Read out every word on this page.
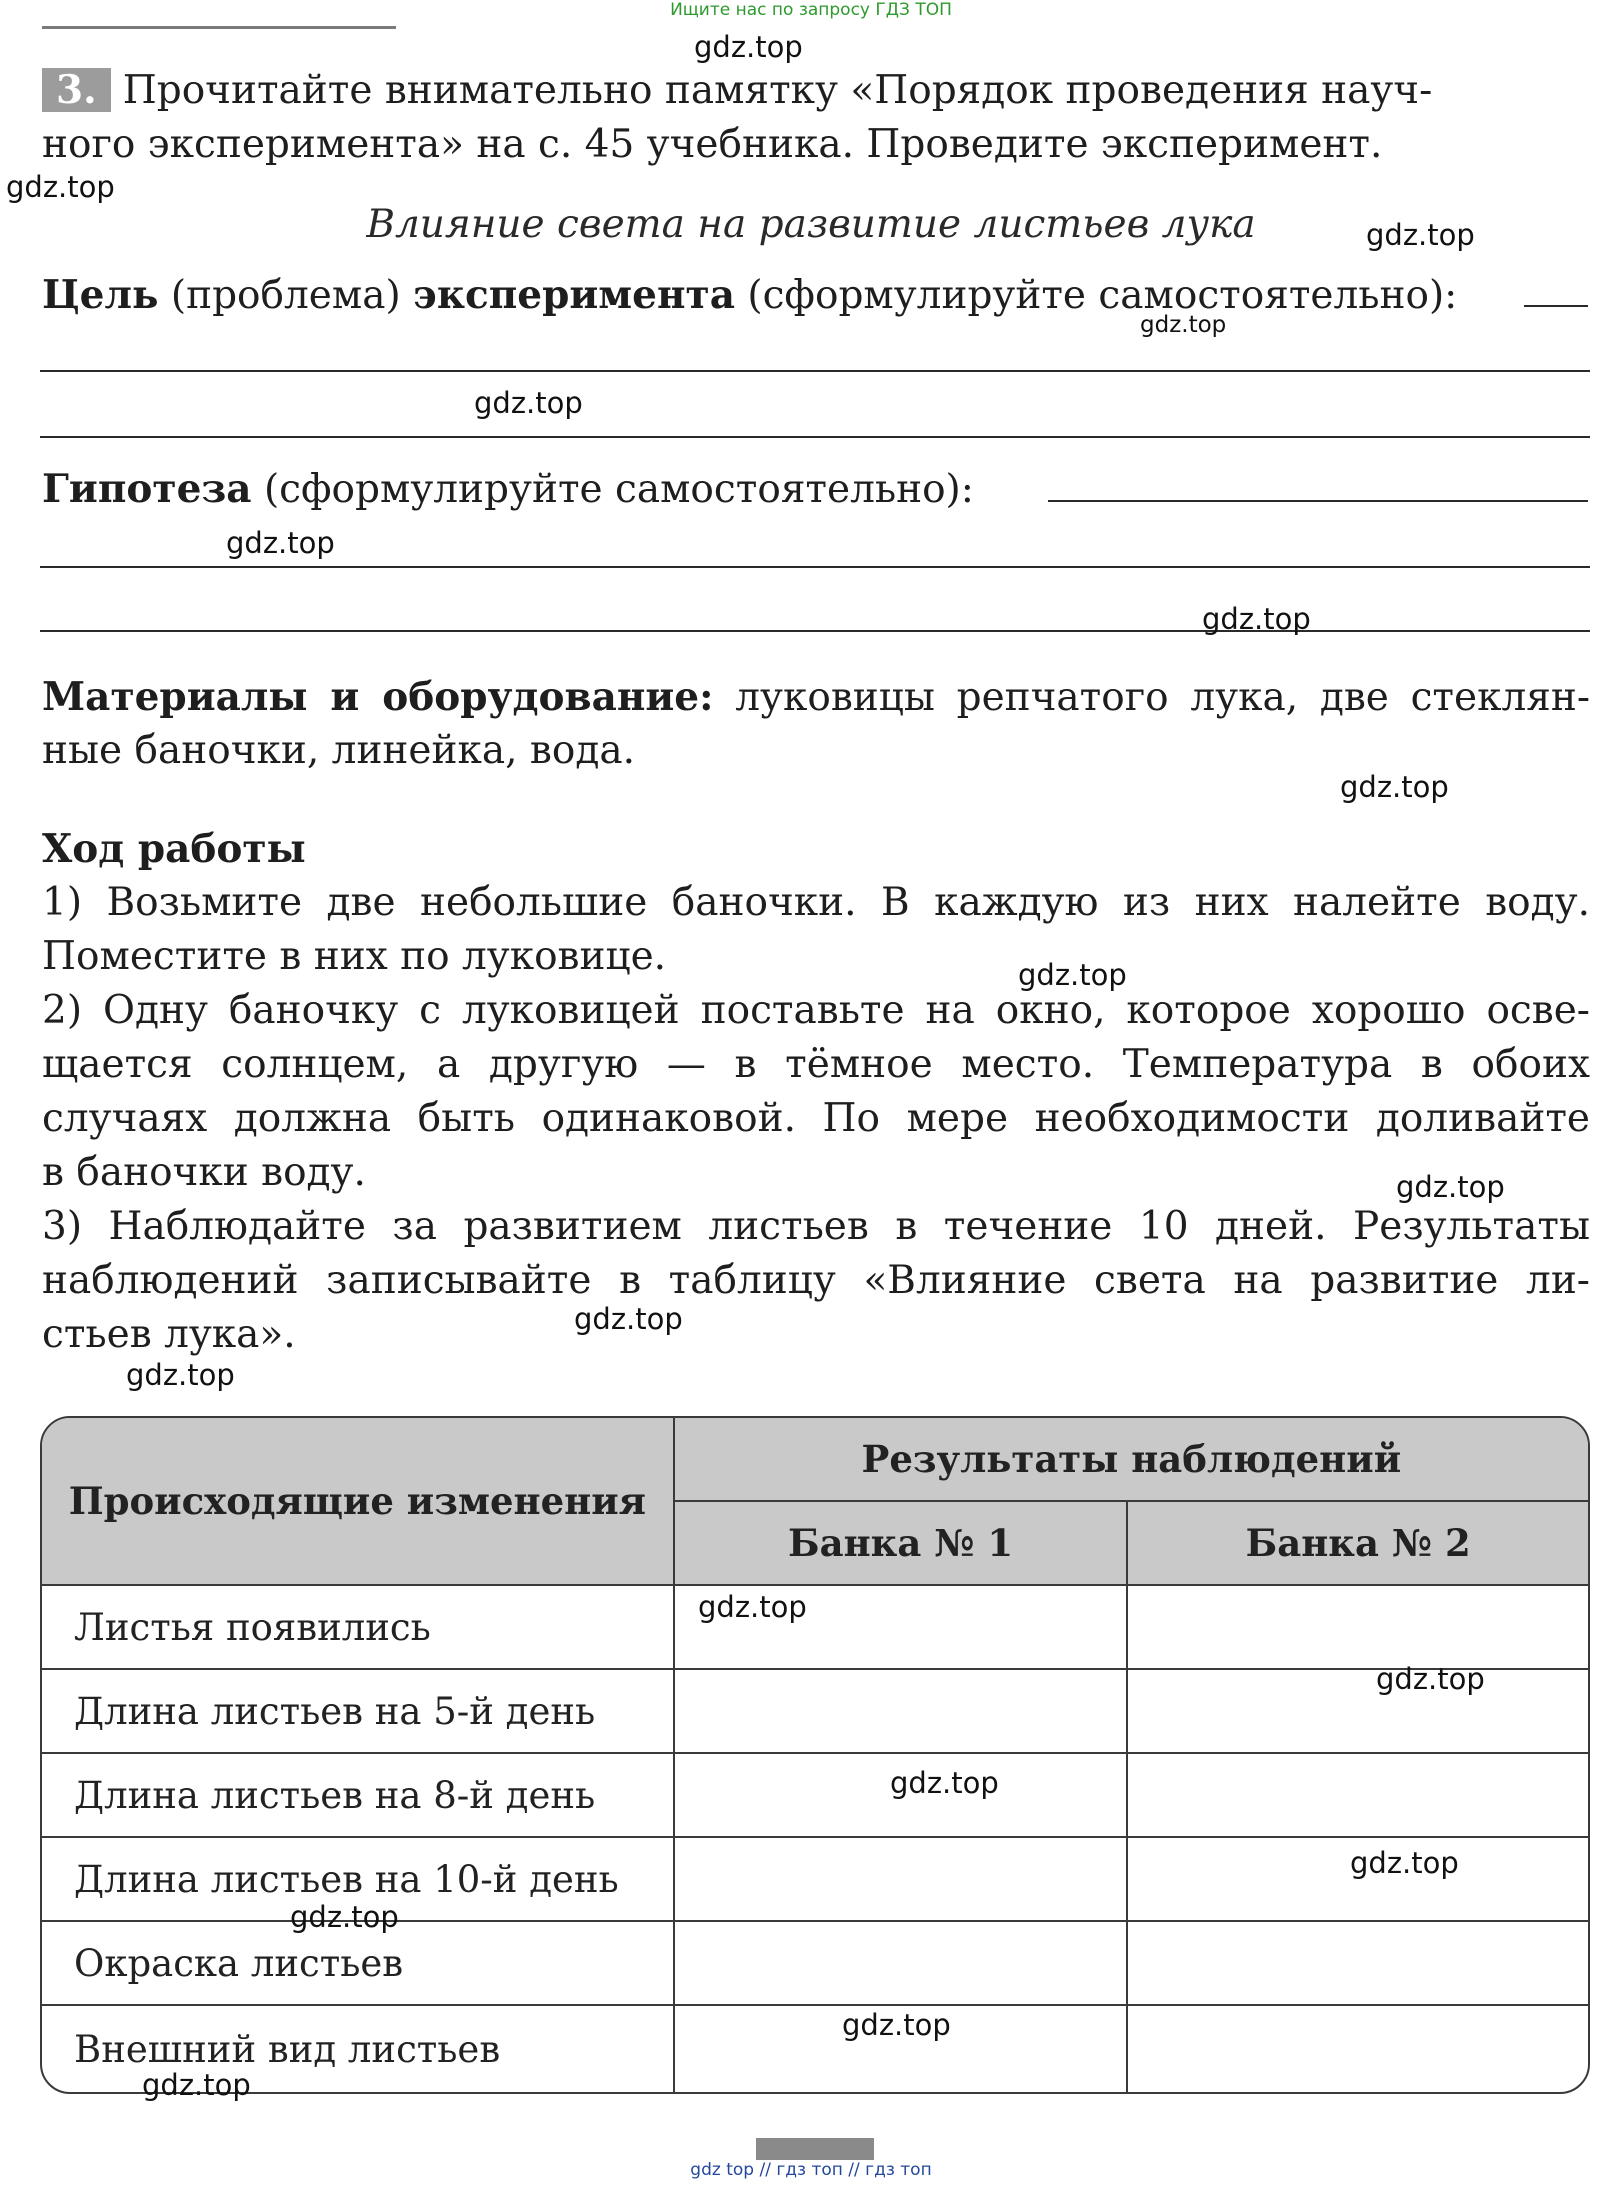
Ищите нас по запросу ГДЗ ТОП
3. Прочитайте внимательно памятку «Порядок проведения науч-
ного эксперимента» на с. 45 учебника. Проведите эксперимент.
Влияние света на развитие листьев лука
Цель (проблема) эксперимента (сформулируйте самостоятельно):
Гипотеза (сформулируйте самостоятельно):
Материалы и оборудование: луковицы репчатого лука, две стеклян-
ные баночки, линейка, вода.
Ход работы
1) Возьмите две небольшие баночки. В каждую из них налейте воду.
Поместите в них по луковице.
2) Одну баночку с луковицей поставьте на окно, которое хорошо осве-
щается солнцем, а другую — в тёмное место. Температура в обоих
случаях должна быть одинаковой. По мере необходимости доливайте
в баночки воду.
3) Наблюдайте за развитием листьев в течение 10 дней. Результаты
наблюдений записывайте в таблицу «Влияние света на развитие ли-
стьев лука».
Происходящие изменения	Результаты наблюдений	
	Банка № 1	Банка № 2
Листья появились		
Длина листьев на 5-й день		
Длина листьев на 8-й день		
Длина листьев на 10-й день		
Окраска листьев		
Внешний вид листьев		
gdz.top
gdz.top
gdz.top
gdz.top
gdz.top
gdz.top
gdz.top
gdz.top
gdz.top
gdz.top
gdz.top
gdz.top
gdz.top
gdz.top
gdz.top
gdz.top
gdz.top
gdz.top
gdz.top
gdz top // гдз топ // гдз топ
